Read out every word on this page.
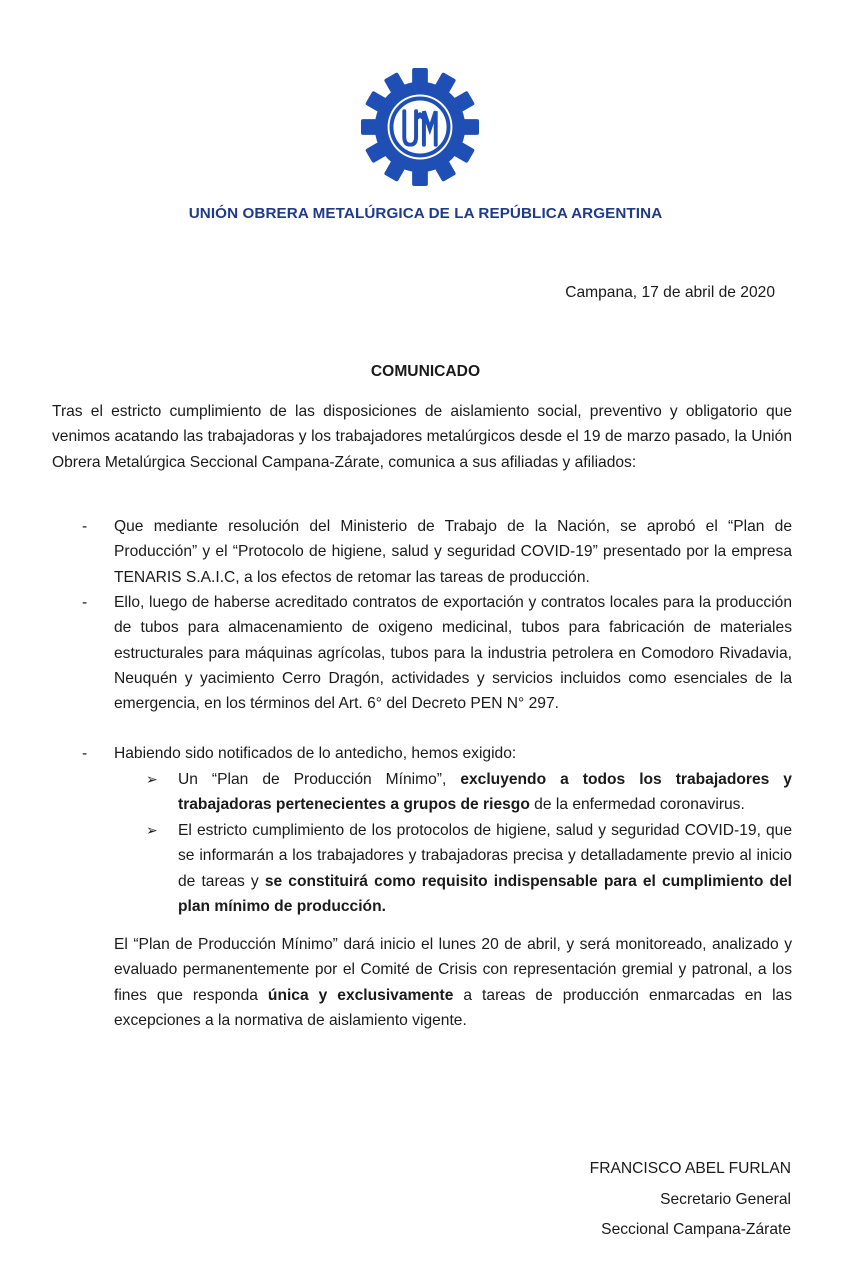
UNIÓN OBRERA METALÚRGICA DE LA REPÚBLICA ARGENTINA
Campana, 17 de abril de 2020
COMUNICADO
Tras el estricto cumplimiento de las disposiciones de aislamiento social, preventivo y obligatorio que venimos acatando las trabajadoras y los trabajadores metalúrgicos desde el 19 de marzo pasado, la Unión Obrera Metalúrgica Seccional Campana-Zárate, comunica a sus afiliadas y afiliados:
- Que mediante resolución del Ministerio de Trabajo de la Nación, se aprobó el “Plan de Producción” y el “Protocolo de higiene, salud y seguridad COVID-19” presentado por la empresa TENARIS S.A.I.C, a los efectos de retomar las tareas de producción.
- Ello, luego de haberse acreditado contratos de exportación y contratos locales para la producción de tubos para almacenamiento de oxigeno medicinal, tubos para fabricación de materiales estructurales para máquinas agrícolas, tubos para la industria petrolera en Comodoro Rivadavia, Neuquén y yacimiento Cerro Dragón, actividades y servicios incluidos como esenciales de la emergencia, en los términos del Art. 6° del Decreto PEN N° 297.
- Habiendo sido notificados de lo antedicho, hemos exigido:
➢ Un “Plan de Producción Mínimo”, excluyendo a todos los trabajadores y trabajadoras pertenecientes a grupos de riesgo de la enfermedad coronavirus.
➢ El estricto cumplimiento de los protocolos de higiene, salud y seguridad COVID-19, que se informarán a los trabajadores y trabajadoras precisa y detalladamente previo al inicio de tareas y se constituirá como requisito indispensable para el cumplimiento del plan mínimo de producción.
El “Plan de Producción Mínimo” dará inicio el lunes 20 de abril, y será monitoreado, analizado y evaluado permanentemente por el Comité de Crisis con representación gremial y patronal, a los fines que responda única y exclusivamente a tareas de producción enmarcadas en las excepciones a la normativa de aislamiento vigente.
FRANCISCO ABEL FURLAN
Secretario General
Seccional Campana-Zárate
